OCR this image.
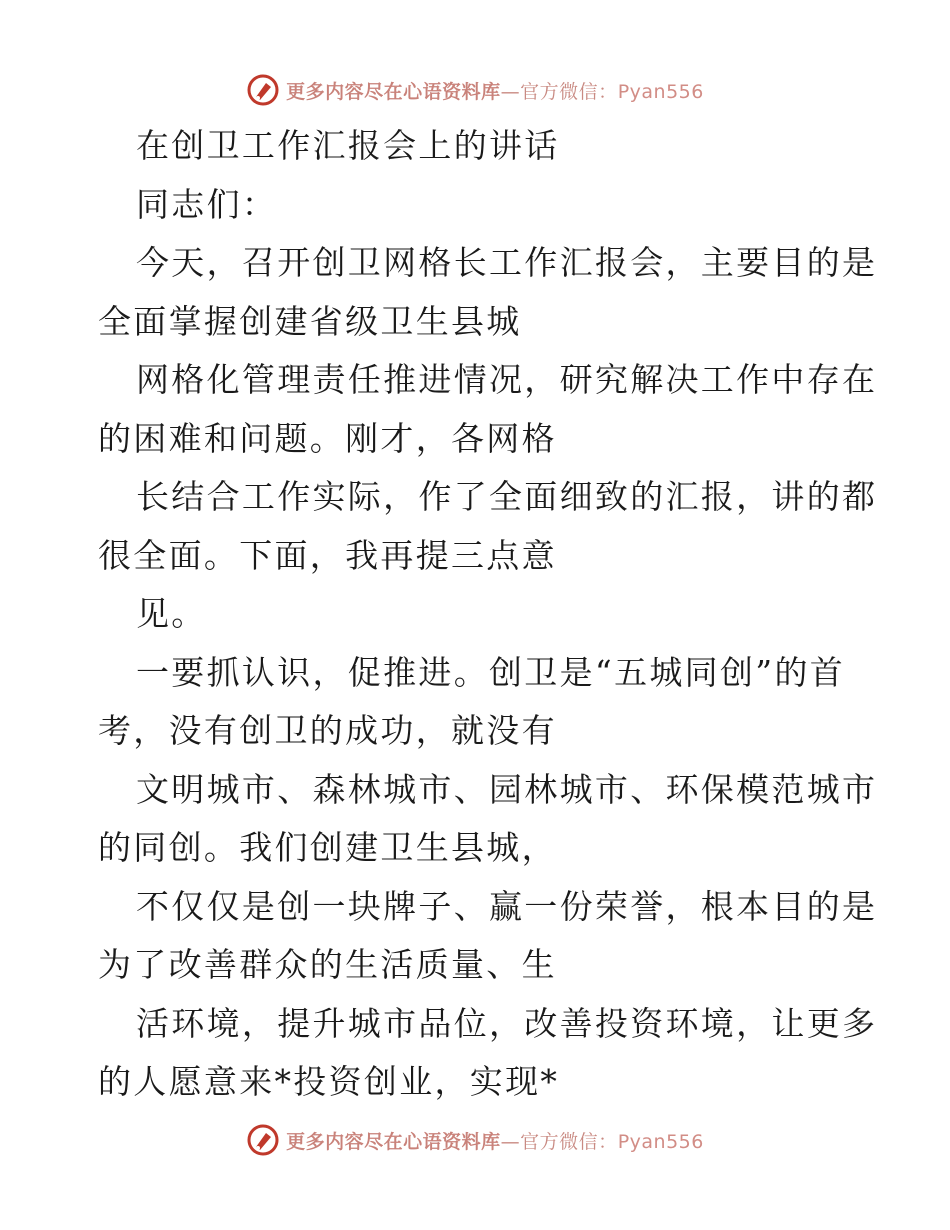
更多内容尽在心语资料库—官方微信：Pyan556
在创卫工作汇报会上的讲话
同志们：
今天，召开创卫网格长工作汇报会，主要目的是
全面掌握创建省级卫生县城
网格化管理责任推进情况，研究解决工作中存在
的困难和问题。刚才，各网格
长结合工作实际，作了全面细致的汇报，讲的都
很全面。下面，我再提三点意
见。
一要抓认识，促推进。创卫是“五城同创”的首
考，没有创卫的成功，就没有
文明城市、森林城市、园林城市、环保模范城市
的同创。我们创建卫生县城，
不仅仅是创一块牌子、赢一份荣誉，根本目的是
为了改善群众的生活质量、生
活环境，提升城市品位，改善投资环境，让更多
的人愿意来*投资创业，实现*
更多内容尽在心语资料库—官方微信：Pyan556
